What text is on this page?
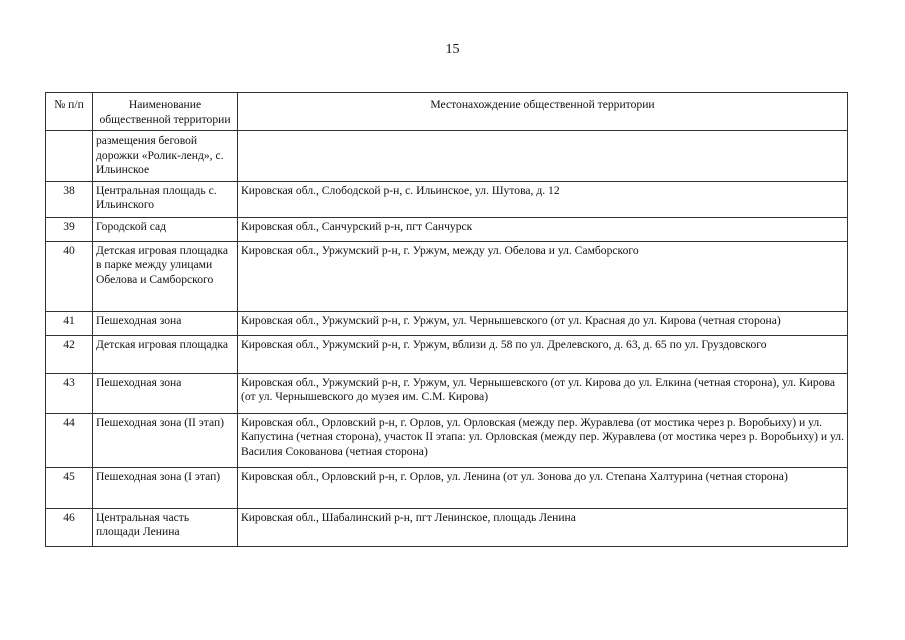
15
№ п/п	Наименование общественной территории	Местонахождение общественной территории
	размещения беговой дорожки «Ролик-ленд», с. Ильинское	
38	Центральная площадь с. Ильинского	Кировская обл., Слободской р-н, с. Ильинское, ул. Шутова, д. 12
39	Городской сад	Кировская обл., Санчурский р-н, пгт Санчурск
40	Детская игровая площадка в парке между улицами Обелова и Самборского	Кировская обл., Уржумский р-н, г. Уржум, между ул. Обелова и ул. Самборского
41	Пешеходная зона	Кировская обл., Уржумский р-н, г. Уржум, ул. Чернышевского (от ул. Красная до ул. Кирова (четная сторона)
42	Детская игровая площадка	Кировская обл., Уржумский р-н, г. Уржум, вблизи д. 58 по ул. Дрелевского, д. 63, д. 65 по ул. Груздовского
43	Пешеходная зона	Кировская обл., Уржумский р-н, г. Уржум, ул. Чернышевского (от ул. Кирова до ул. Елкина (четная сторона), ул. Кирова (от ул. Чернышевского до музея им. С.М. Кирова)
44	Пешеходная зона (II этап)	Кировская обл., Орловский р-н, г. Орлов, ул. Орловская (между пер. Журавлева (от мостика через р. Воробьиху) и ул. Капустина (четная сторона), участок II этапа: ул. Орловская (между пер. Журавлева (от мостика через р. Воробьиху) и ул. Василия Сокованова (четная сторона)
45	Пешеходная зона (I этап)	Кировская обл., Орловский р-н, г. Орлов, ул. Ленина (от ул. Зонова до ул. Степана Халтурина (четная сторона)
46	Центральная часть площади Ленина	Кировская обл., Шабалинский р-н, пгт Ленинское, площадь Ленина
